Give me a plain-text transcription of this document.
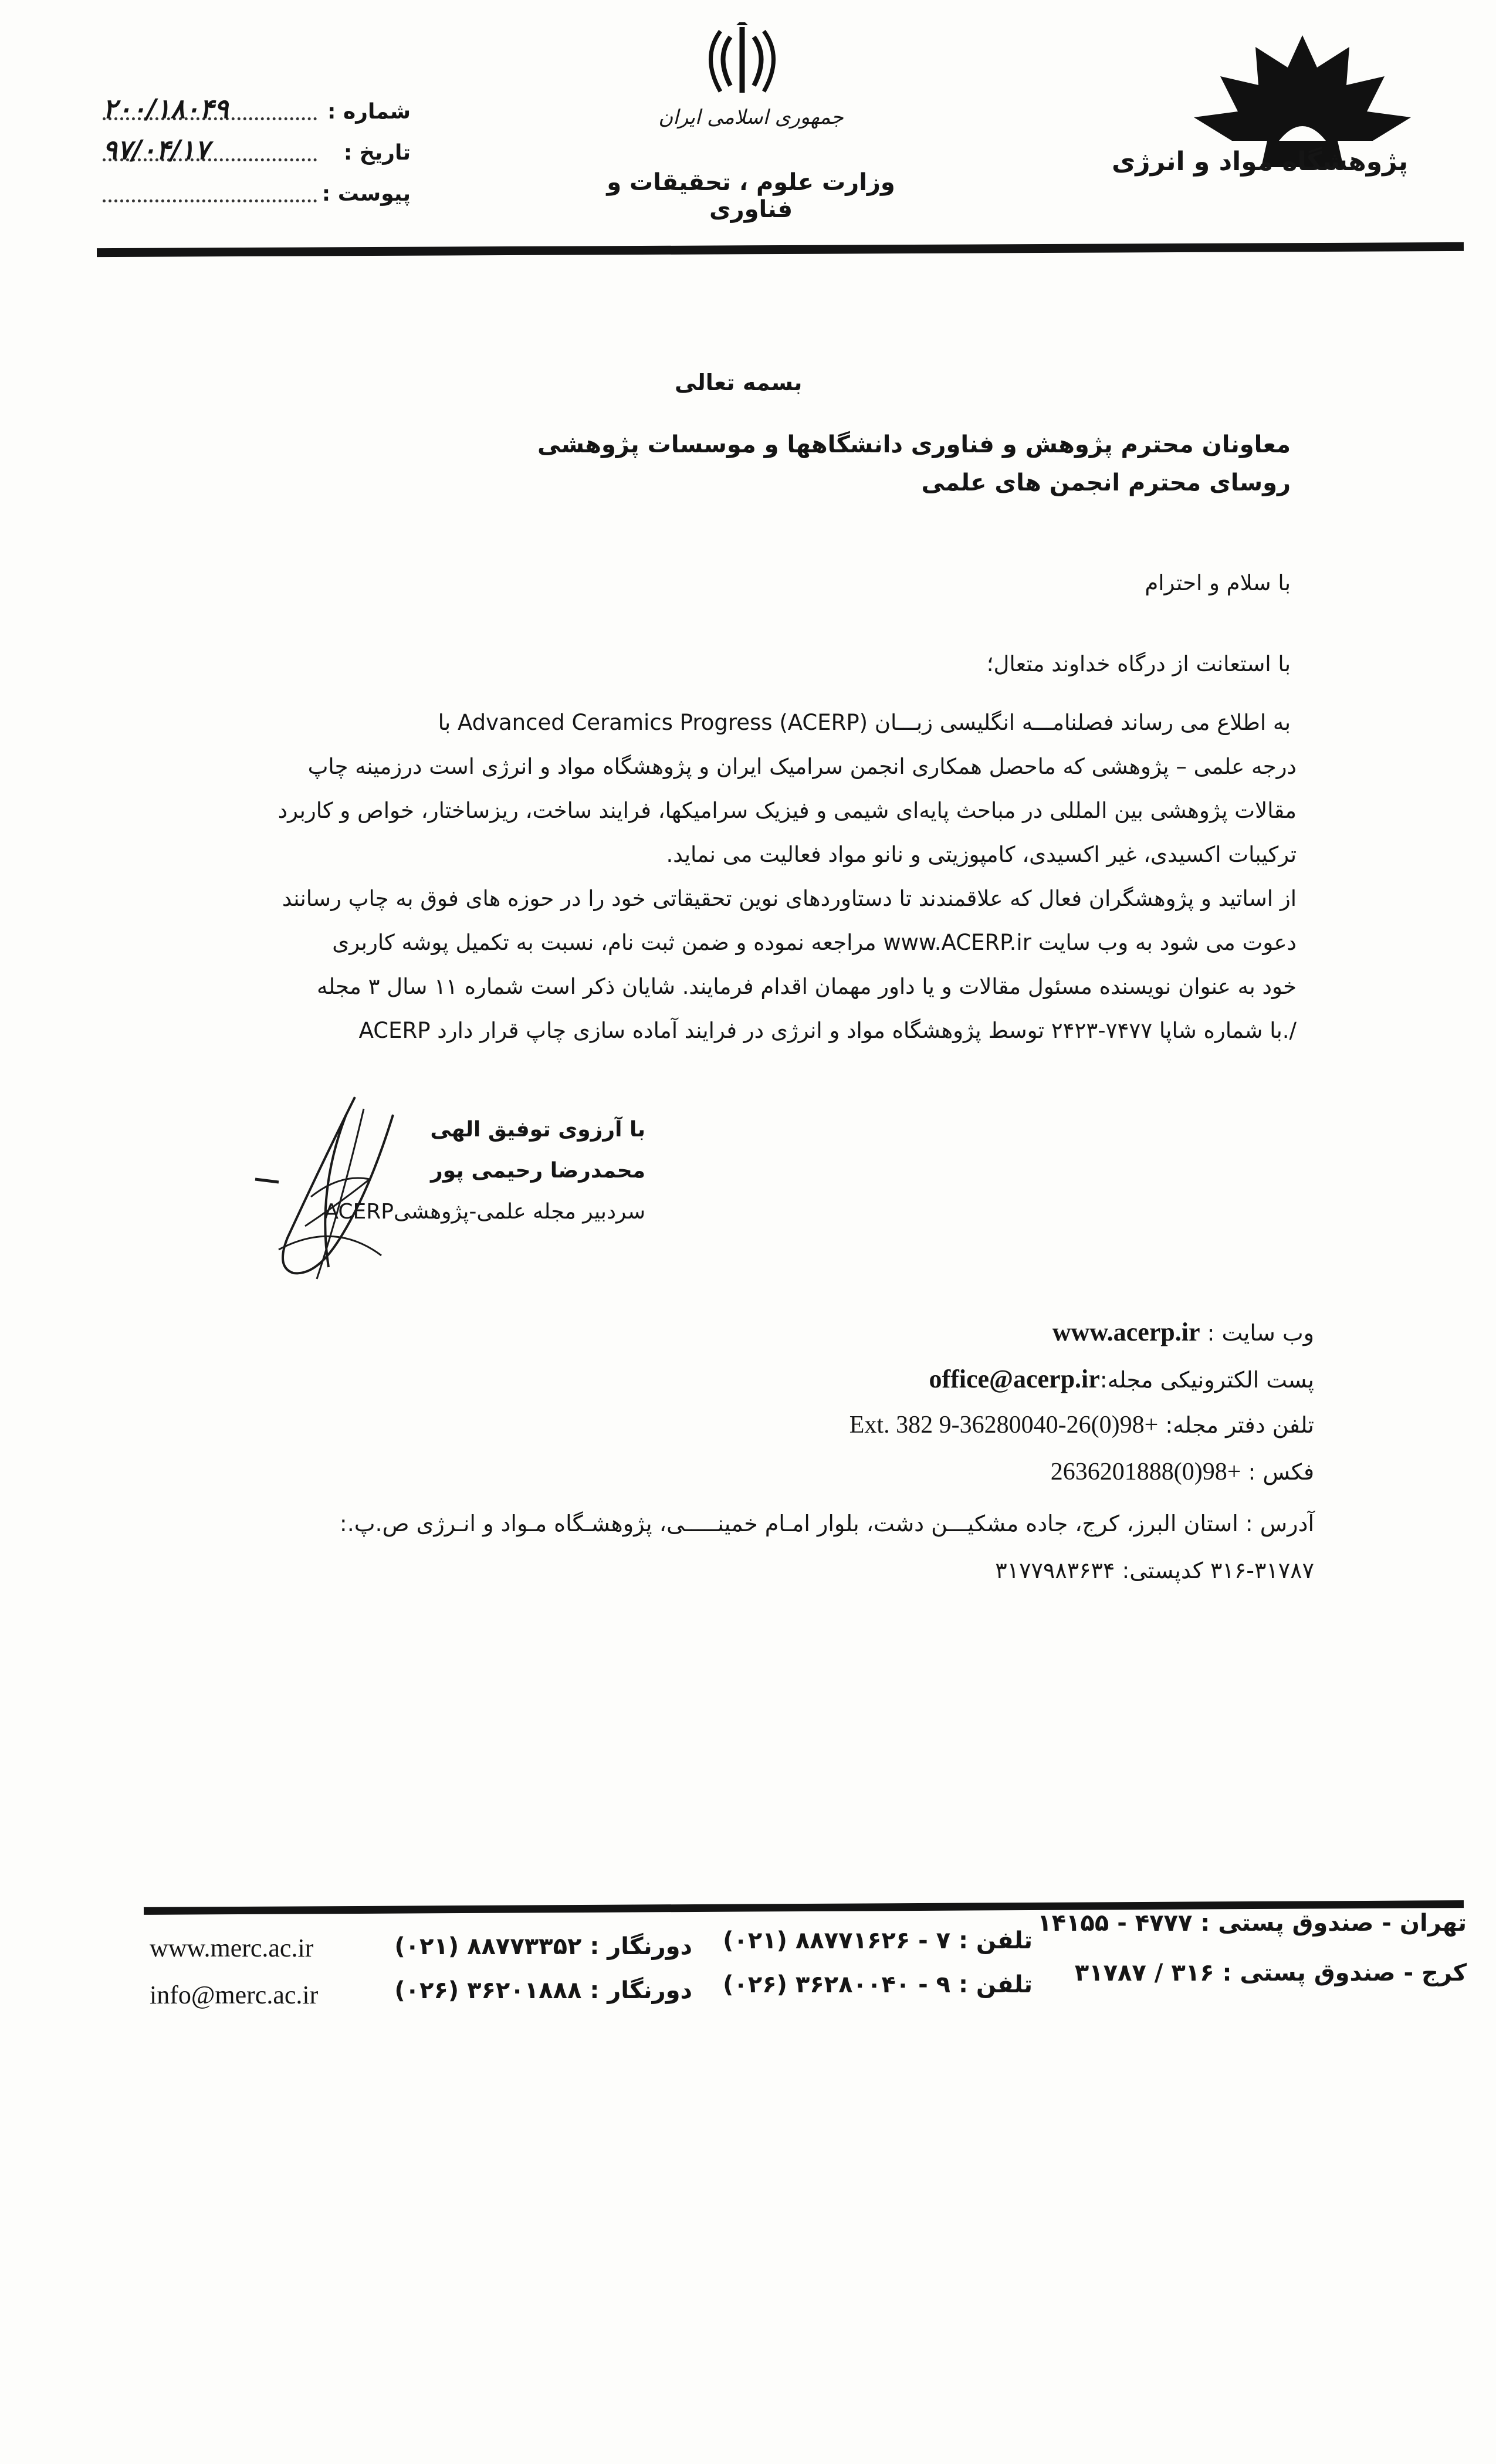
پژوهشگاه مواد و انرژی
جمهوری اسلامی ایران
وزارت علوم ، تحقیقات و فناوری
شماره :
۲۰۰/۱۸۰۴۹
تاریخ :
۹۷/۰۴/۱۷
پیوست :
بسمه تعالی
معاونان محترم پژوهش و فناوری دانشگاهها و موسسات پژوهشی
روسای محترم انجمن های علمی
با سلام و احترام
با استعانت از درگاه خداوند متعال؛
به اطلاع می رساند فصلنامـــه انگلیسی زبـــان Advanced Ceramics Progress (ACERP) با
درجه علمی – پژوهشی که ماحصل همکاری انجمن سرامیک ایران و پژوهشگاه مواد و انرژی است درزمینه چاپ
مقالات پژوهشی بین المللی در مباحث پایه‌ای شیمی و فیزیک سرامیکها، فرایند ساخت، ریزساختار، خواص و کاربرد
ترکیبات اکسیدی، غیر اکسیدی، کامپوزیتی و نانو مواد فعالیت می نماید.
از اساتید و پژوهشگران فعال که علاقمندند تا دستاوردهای نوین تحقیقاتی خود را در حوزه های فوق به چاپ رسانند
دعوت می شود به وب سایت www.ACERP.ir مراجعه نموده و ضمن ثبت نام، نسبت به تکمیل پوشه کاربری
خود به عنوان نویسنده مسئول مقالات و یا داور مهمان اقدام فرمایند. شایان ذکر است شماره ۱۱ سال ۳ مجله
ACERP با شماره شاپا ۷۴۷۷-۲۴۲۳ توسط پژوهشگاه مواد و انرژی در فرایند آماده سازی چاپ قرار دارد./
با آرزوی توفیق الهی
محمدرضا رحیمی پور
سردبیر مجله علمی-پژوهشیACERP
وب سایت : www.acerp.ir
پست الکترونیکی مجله:office@acerp.ir
تلفن دفتر مجله: +98(0)26-36280040-9 Ext. 382
فکس : +98(0)2636201888
آدرس : استان البرز، کرج، جاده مشکیـــن دشت، بلوار امـام خمینـــــی، پژوهشـگاه مـواد و انـرژی ص.پ.:
۳۱۶-۳۱۷۸۷ کدپستی: ۳۱۷۷۹۸۳۶۳۴
تهران - صندوق پستی : ۴۷۷۷ - ۱۴۱۵۵
تلفن : ۷ - ۸۸۷۷۱۶۲۶ (۰۲۱)
دورنگار : ۸۸۷۷۳۳۵۲ (۰۲۱)
کرج - صندوق پستی : ۳۱۶ / ۳۱۷۸۷
تلفن : ۹ - ۳۶۲۸۰۰۴۰ (۰۲۶)
دورنگار : ۳۶۲۰۱۸۸۸ (۰۲۶)
www.merc.ac.ir
info@merc.ac.ir
